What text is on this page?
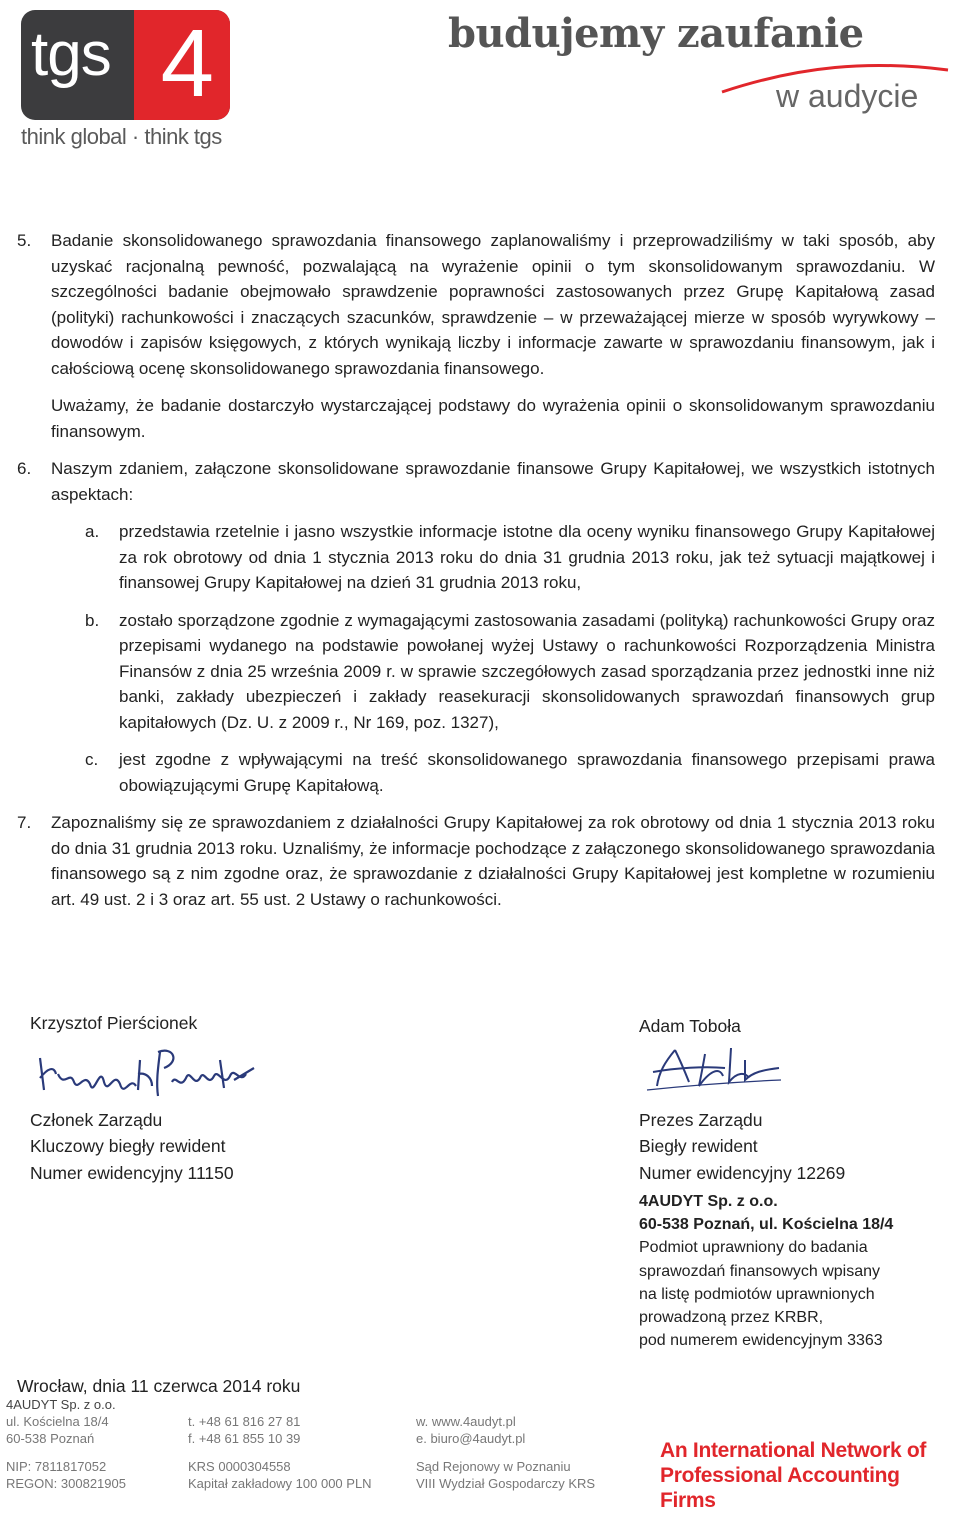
tgs 4
think global · think tgs
budujemy zaufanie
w audycie
5.	Badanie skonsolidowanego sprawozdania finansowego zaplanowaliśmy i przeprowadziliśmy w taki sposób, aby uzyskać racjonalną pewność, pozwalającą na wyrażenie opinii o tym skonsolidowanym sprawozdaniu. W szczególności badanie obejmowało sprawdzenie poprawności zastosowanych przez Grupę Kapitałową zasad (polityki) rachunkowości i znaczących szacunków, sprawdzenie – w przeważającej mierze w sposób wyrywkowy – dowodów i zapisów księgowych, z których wynikają liczby i informacje zawarte w sprawozdaniu finansowym, jak i całościową ocenę skonsolidowanego sprawozdania finansowego.
Uważamy, że badanie dostarczyło wystarczającej podstawy do wyrażenia opinii o skonsolidowanym sprawozdaniu finansowym.
6.	Naszym zdaniem, załączone skonsolidowane sprawozdanie finansowe Grupy Kapitałowej, we wszystkich istotnych aspektach:
a.	przedstawia rzetelnie i jasno wszystkie informacje istotne dla oceny wyniku finansowego Grupy Kapitałowej za rok obrotowy od dnia 1 stycznia 2013 roku do dnia 31 grudnia 2013 roku, jak też sytuacji majątkowej i finansowej Grupy Kapitałowej na dzień 31 grudnia 2013 roku,
b.	zostało sporządzone zgodnie z wymagającymi zastosowania zasadami (polityką) rachunkowości Grupy oraz przepisami wydanego na podstawie powołanej wyżej Ustawy o rachunkowości Rozporządzenia Ministra Finansów z dnia 25 września 2009 r. w sprawie szczegółowych zasad sporządzania przez jednostki inne niż banki, zakłady ubezpieczeń i zakłady reasekuracji skonsolidowanych sprawozdań finansowych grup kapitałowych (Dz. U. z 2009 r., Nr 169, poz. 1327),
c.	jest zgodne z wpływającymi na treść skonsolidowanego sprawozdania finansowego przepisami prawa obowiązującymi Grupę Kapitałową.
7.	Zapoznaliśmy się ze sprawozdaniem z działalności Grupy Kapitałowej za rok obrotowy od dnia 1 stycznia 2013 roku do dnia 31 grudnia 2013 roku. Uznaliśmy, że informacje pochodzące z załączonego skonsolidowanego sprawozdania finansowego są z nim zgodne oraz, że sprawozdanie z działalności Grupy Kapitałowej jest kompletne w rozumieniu art. 49 ust. 2 i 3 oraz art. 55 ust. 2 Ustawy o rachunkowości.
Krzysztof Pierścionek
Członek Zarządu
Kluczowy biegły rewident
Numer ewidencyjny 11150
Adam Toboła
Prezes Zarządu
Biegły rewident
Numer ewidencyjny 12269
4AUDYT Sp. z o.o.
60-538 Poznań, ul. Kościelna 18/4
Podmiot uprawniony do badania
sprawozdań finansowych wpisany
na listę podmiotów uprawnionych
prowadzoną przez KRBR,
pod numerem ewidencyjnym 3363
Wrocław, dnia 11 czerwca 2014 roku
4AUDYT Sp. z o.o.
ul. Kościelna 18/4
60-538 Poznań
NIP: 7811817052
REGON: 300821905
t. +48 61 816 27 81
f. +48 61 855 10 39
KRS 0000304558
Kapitał zakładowy 100 000 PLN
w. www.4audyt.pl
e. biuro@4audyt.pl
Sąd Rejonowy w Poznaniu
VIII Wydział Gospodarczy KRS
An International Network of
Professional Accounting Firms
